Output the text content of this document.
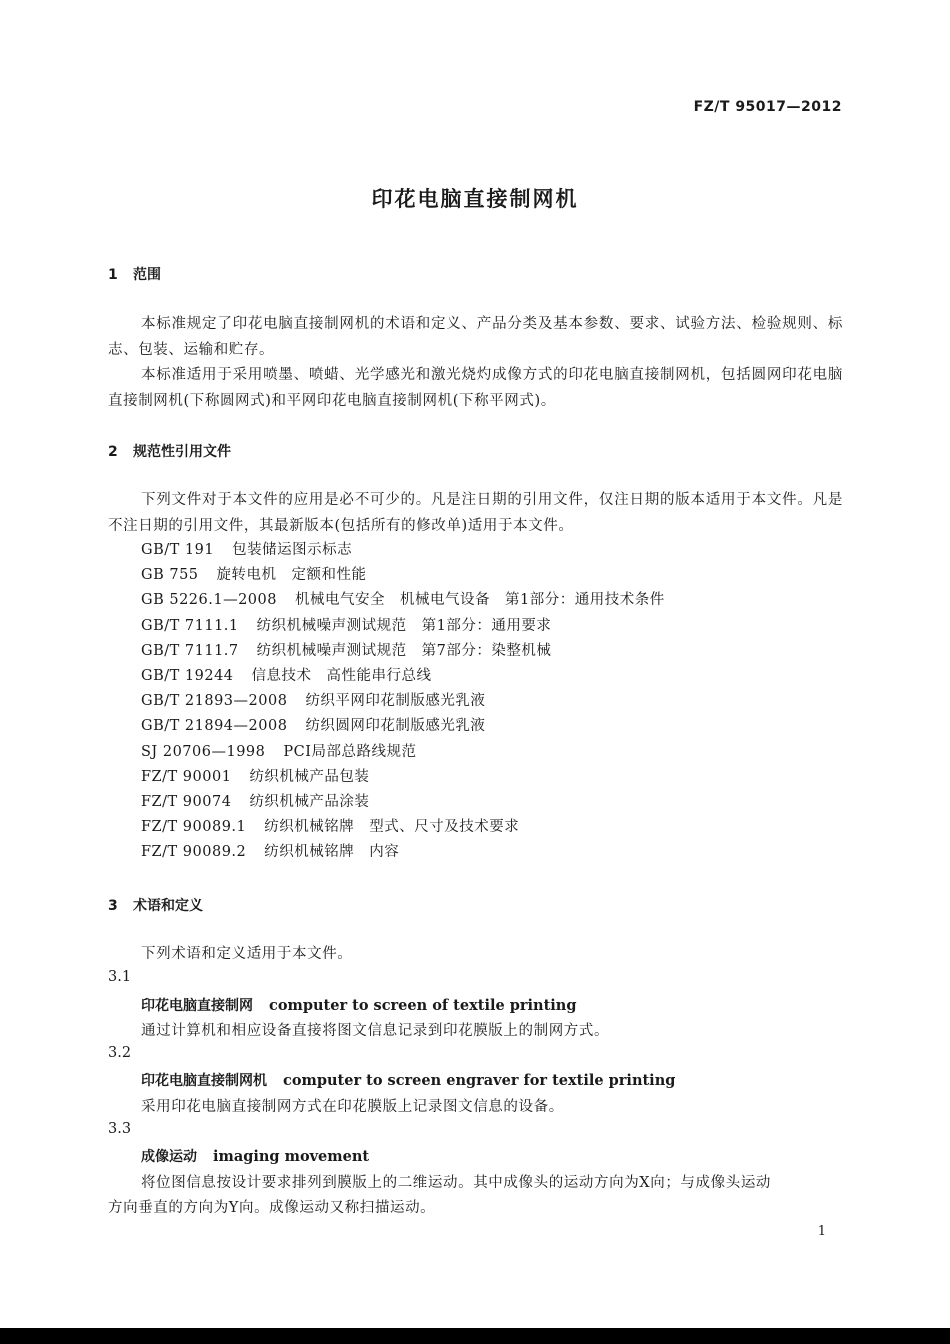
FZ/T 95017—2012
印花电脑直接制网机
1 范围

本标准规定了印花电脑直接制网机的术语和定义、产品分类及基本参数、要求、试验方法、检验规则、标志、包装、运输和贮存。

本标准适用于采用喷墨、喷蜡、光学感光和激光烧灼成像方式的印花电脑直接制网机，包括圆网印花电脑直接制网机(下称圆网式)和平网印花电脑直接制网机(下称平网式)。

2 规范性引用文件

下列文件对于本文件的应用是必不可少的。凡是注日期的引用文件，仅注日期的版本适用于本文件。凡是不注日期的引用文件，其最新版本(包括所有的修改单)适用于本文件。

GB/T 191 包装储运图示标志
GB 755 旋转电机　定额和性能
GB 5226.1—2008 机械电气安全　机械电气设备　第1部分：通用技术条件
GB/T 7111.1 纺织机械噪声测试规范　第1部分：通用要求
GB/T 7111.7 纺织机械噪声测试规范　第7部分：染整机械
GB/T 19244 信息技术　高性能串行总线
GB/T 21893—2008 纺织平网印花制版感光乳液
GB/T 21894—2008 纺织圆网印花制版感光乳液
SJ 20706—1998 PCI局部总路线规范
FZ/T 90001 纺织机械产品包装
FZ/T 90074 纺织机械产品涂装
FZ/T 90089.1 纺织机械铭牌　型式、尺寸及技术要求
FZ/T 90089.2 纺织机械铭牌　内容
3 术语和定义
下列术语和定义适用于本文件。
3.1
印花电脑直接制网 computer to screen of textile printing
通过计算机和相应设备直接将图文信息记录到印花膜版上的制网方式。
3.2
印花电脑直接制网机 computer to screen engraver for textile printing
采用印花电脑直接制网方式在印花膜版上记录图文信息的设备。
3.3
成像运动 imaging movement
将位图信息按设计要求排列到膜版上的二维运动。其中成像头的运动方向为X向；与成像头运动
方向垂直的方向为Y向。成像运动又称扫描运动。
1
